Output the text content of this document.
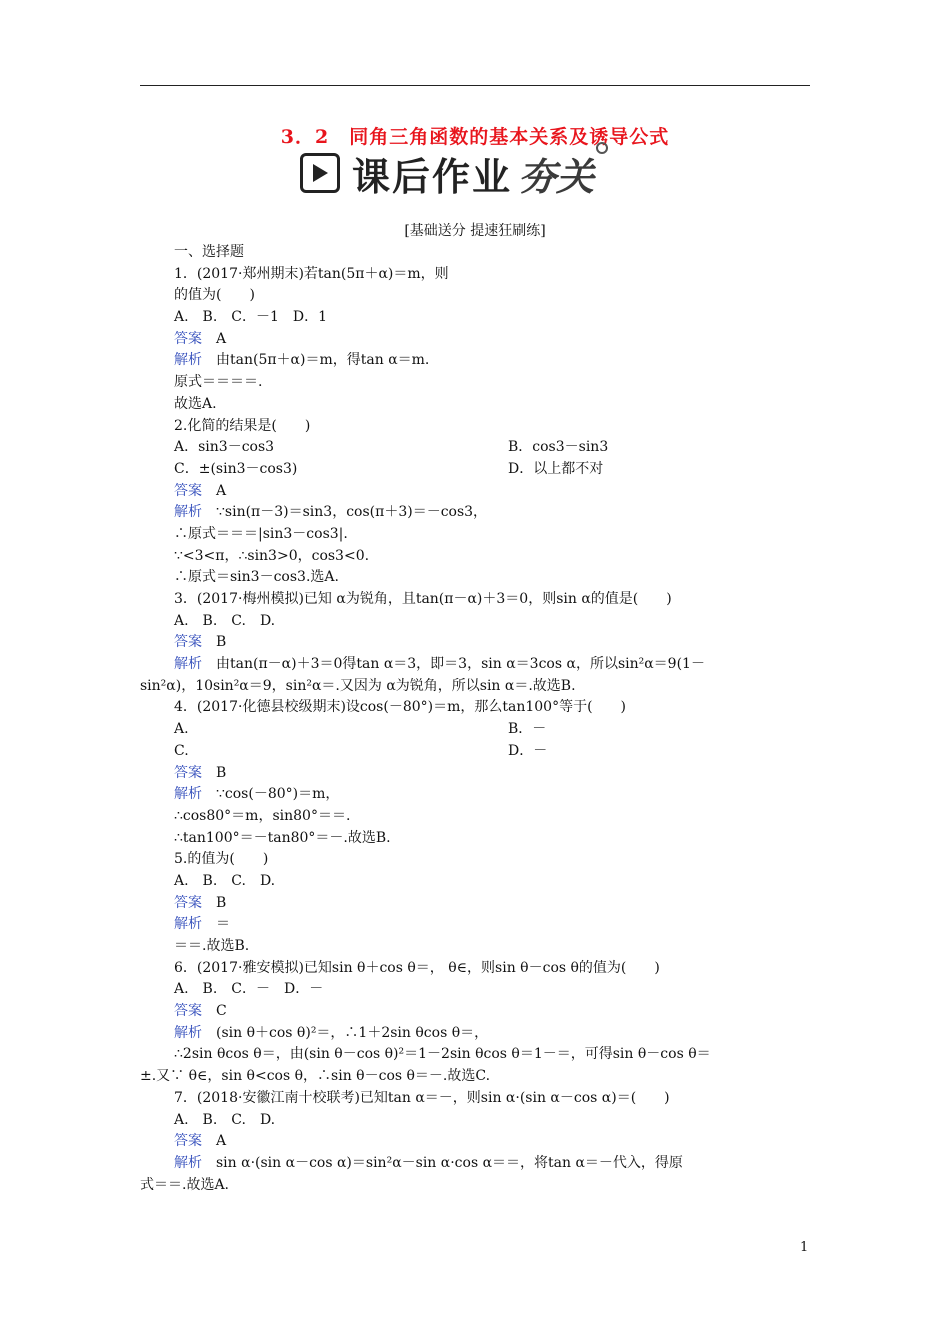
3．2　同角三角函数的基本关系及诱导公式
课后作业 夯关
[基础送分 提速狂刷练]
一、选择题
1．(2017·郑州期末)若tan(5π＋α)＝m，则
的值为(　　)
A.　B.　C．－1　D．1
答案 A
解析 由tan(5π＋α)＝m，得tan α＝m.
原式＝＝＝＝.
故选A.
2.化简的结果是(　　)
A．sin3－cos3	B．cos3－sin3
C．±(sin3－cos3)	D．以上都不对
答案 A
解析 ∵sin(π－3)＝sin3，cos(π＋3)＝－cos3，
∴原式＝＝＝|sin3－cos3|.
∵<3<π，∴sin3>0，cos3<0.
∴原式＝sin3－cos3.选A.
3．(2017·梅州模拟)已知 α为锐角，且tan(π－α)＋3＝0，则sin α的值是(　　)
A.　B.　C.　D.
答案 B
解析 由tan(π－α)＋3＝0得tan α＝3，即＝3，sin α＝3cos α，所以sin²α＝9(1－
sin²α)，10sin²α＝9，sin²α＝.又因为 α为锐角，所以sin α＝.故选B.
4．(2017·化德县校级期末)设cos(－80°)＝m，那么tan100°等于(　　)
A.	B．－
C.	D．－
答案 B
解析 ∵cos(－80°)＝m，
∴cos80°＝m，sin80°＝＝.
∴tan100°＝－tan80°＝－.故选B.
5.的值为(　　)
A.　B.　C.　D.
答案 B
解析 ＝
＝＝.故选B.
6．(2017·雅安模拟)已知sin θ＋cos θ＝， θ∈，则sin θ－cos θ的值为(　　)
A.　B.　C．－　D．－
答案 C
解析 (sin θ＋cos θ)²＝，∴1＋2sin θcos θ＝，
∴2sin θcos θ＝，由(sin θ－cos θ)²＝1－2sin θcos θ＝1－＝，可得sin θ－cos θ＝
±.又∵ θ∈，sin θ<cos θ，∴sin θ－cos θ＝－.故选C.
7．(2018·安徽江南十校联考)已知tan α＝－，则sin α·(sin α－cos α)＝(　　)
A.　B.　C.　D.
答案 A
解析 sin α·(sin α－cos α)＝sin²α－sin α·cos α＝＝，将tan α＝－代入，得原
式＝＝.故选A.
1
